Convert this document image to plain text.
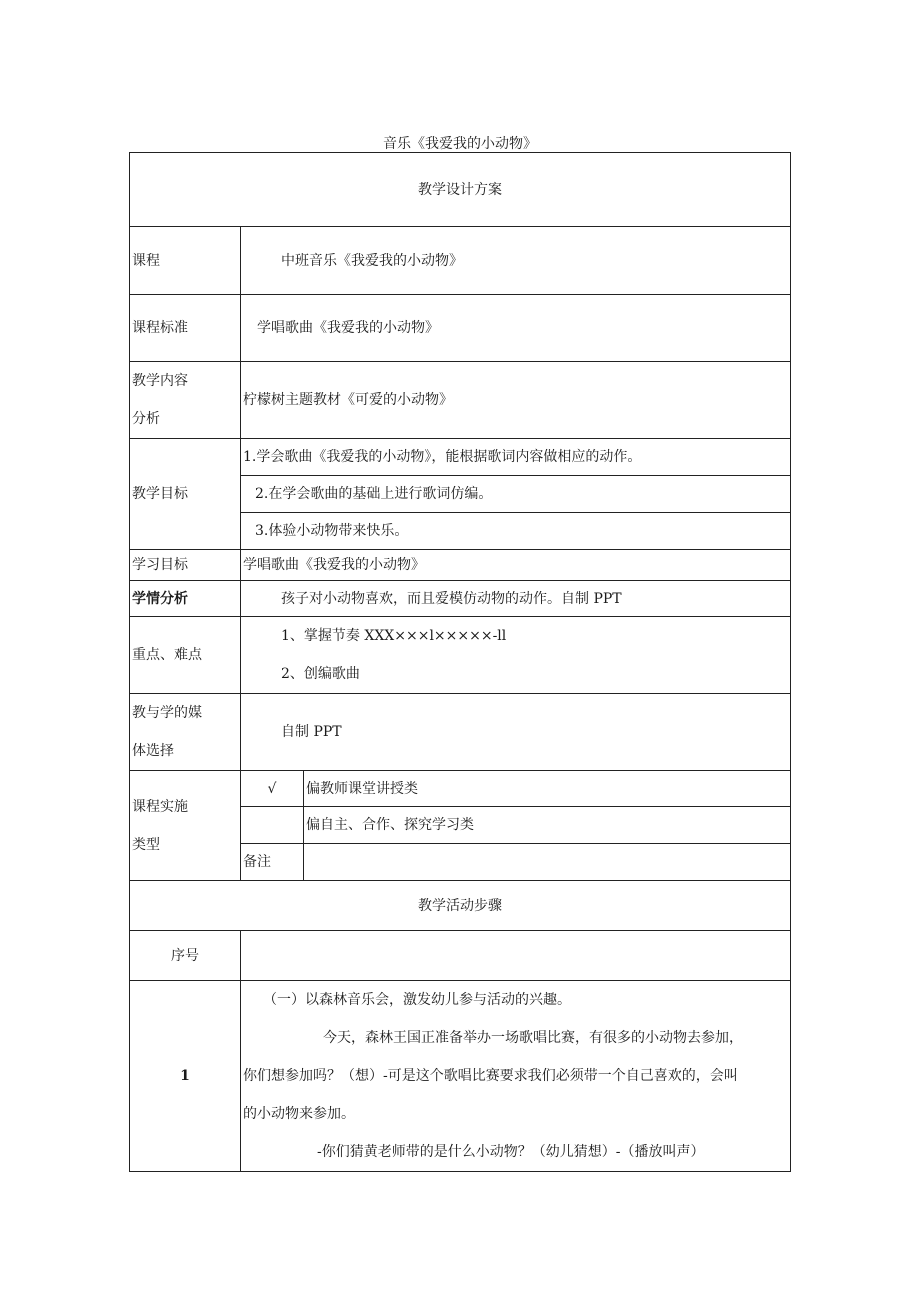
音乐《我爱我的小动物》
教学设计方案		
课程	中班音乐《我爱我的小动物》	
课程标准	学唱歌曲《我爱我的小动物》	

教学内容
分析	柠檬树主题教材《可爱的小动物》	
教学目标	1.学会歌曲《我爱我的小动物》，能根据歌词内容做相应的动作。	
	2.在学会歌曲的基础上进行歌词仿编。	
	3.体验小动物带来快乐。	
学习目标	学唱歌曲《我爱我的小动物》	
学情分析	孩子对小动物喜欢，而且爱模仿动物的动作。自制 PPT	
重点、难点	1、掌握节奏 XXX×××l×××××-ll
2、创编歌曲	

教与学的媒
体选择	自制 PPT	

课程实施
类型	√	偏教师课堂讲授类
		偏自主、合作、探究学习类
	备注	
教学活动步骤		
序号		
1	（一）以森林音乐会，激发幼儿参与活动的兴趣。

今天，森林王国正准备举办一场歌唱比赛，有很多的小动物去参加，

你们想参加吗？（想）-可是这个歌唱比赛要求我们必须带一个自己喜欢的，会叫

的小动物来参加。

-你们猜黄老师带的是什么小动物？（幼儿猜想）-（播放叫声）	
